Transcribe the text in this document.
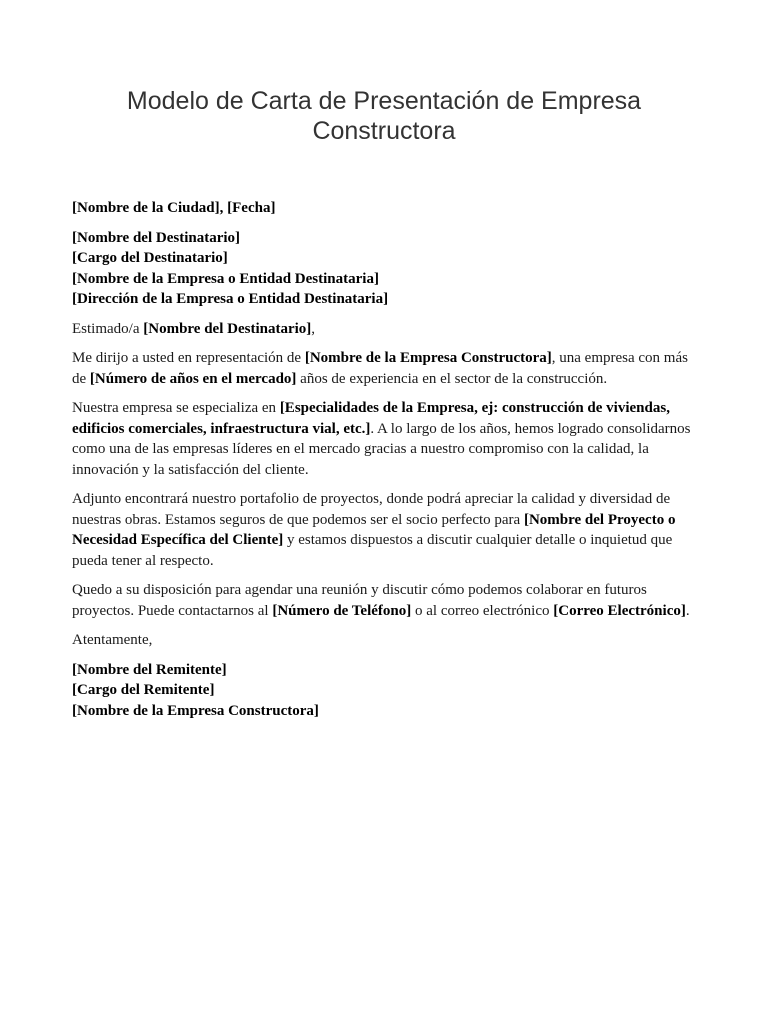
Modelo de Carta de Presentación de Empresa Constructora

[Nombre de la Ciudad], [Fecha]

[Nombre del Destinatario]
[Cargo del Destinatario]
[Nombre de la Empresa o Entidad Destinataria]
[Dirección de la Empresa o Entidad Destinataria]

Estimado/a [Nombre del Destinatario],

Me dirijo a usted en representación de [Nombre de la Empresa Constructora], una empresa con más de [Número de años en el mercado] años de experiencia en el sector de la construcción.

Nuestra empresa se especializa en [Especialidades de la Empresa, ej: construcción de viviendas, edificios comerciales, infraestructura vial, etc.]. A lo largo de los años, hemos logrado consolidarnos como una de las empresas líderes en el mercado gracias a nuestro compromiso con la calidad, la innovación y la satisfacción del cliente.

Adjunto encontrará nuestro portafolio de proyectos, donde podrá apreciar la calidad y diversidad de nuestras obras. Estamos seguros de que podemos ser el socio perfecto para [Nombre del Proyecto o Necesidad Específica del Cliente] y estamos dispuestos a discutir cualquier detalle o inquietud que pueda tener al respecto.

Quedo a su disposición para agendar una reunión y discutir cómo podemos colaborar en futuros proyectos. Puede contactarnos al [Número de Teléfono] o al correo electrónico [Correo Electrónico].

Atentamente,

[Nombre del Remitente]
[Cargo del Remitente]
[Nombre de la Empresa Constructora]
